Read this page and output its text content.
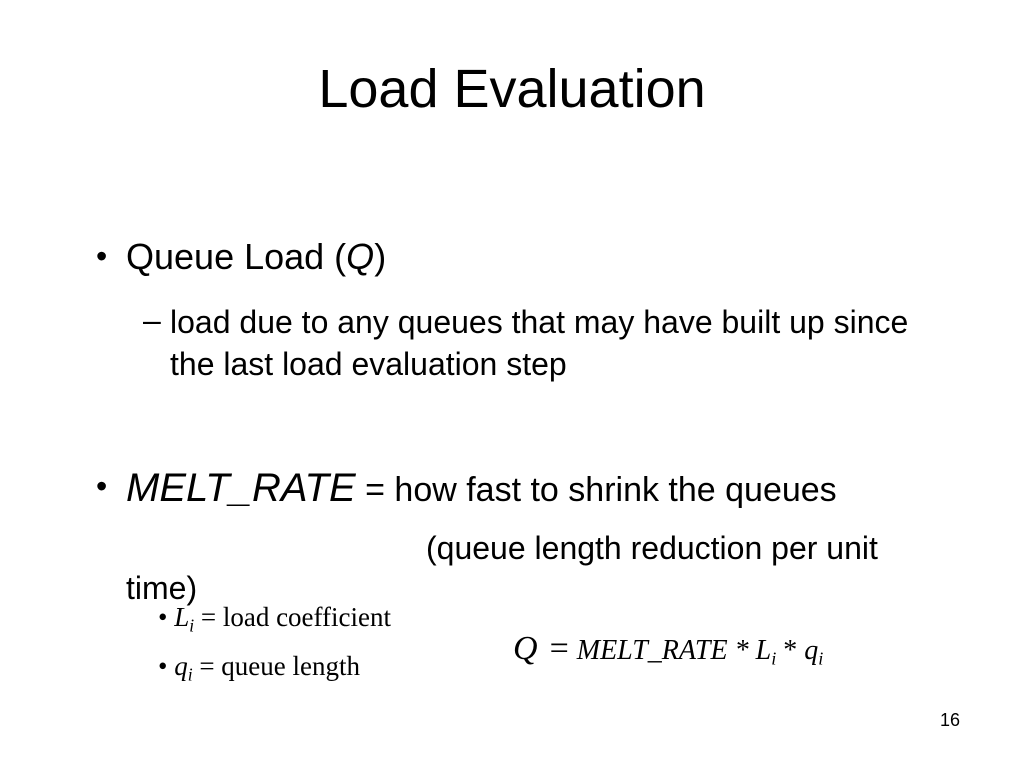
Load Evaluation
• Queue Load (Q)
– load due to any queues that may have built up since the last load evaluation step
• MELT_RATE = how fast to shrink the queues
(queue length reduction per unit
time)
• $L_i$ = load coefficient
• $q_i$ = queue length	Q = MELT_RATE * $L_i * q_i$
16
